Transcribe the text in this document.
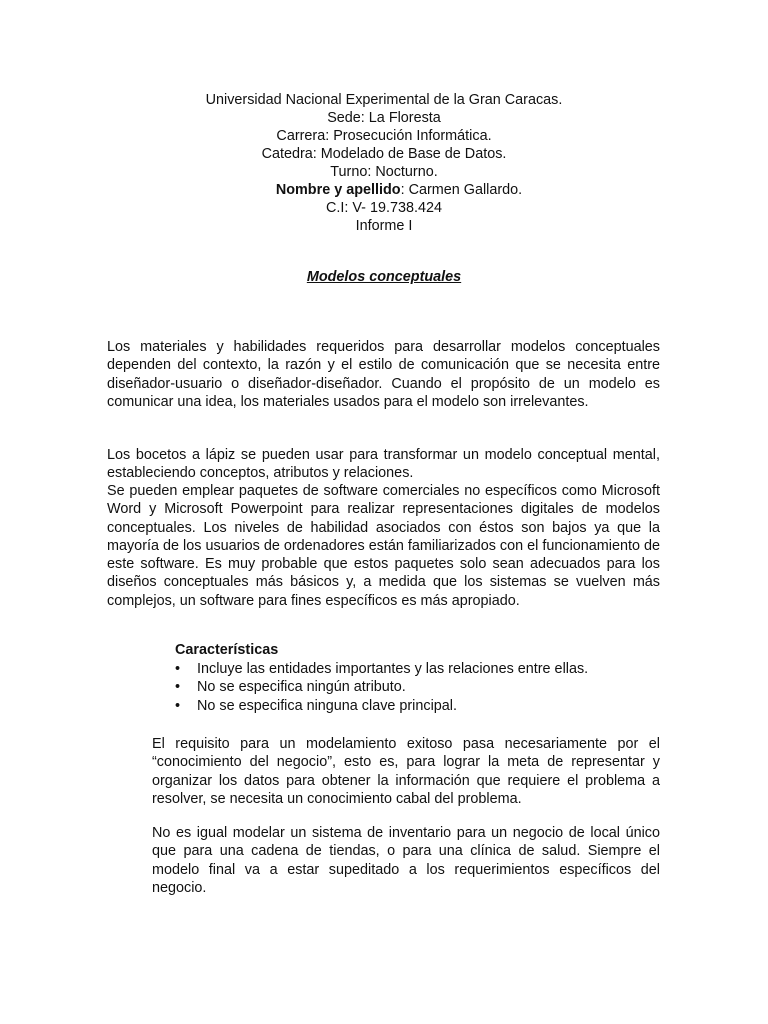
Universidad Nacional Experimental de la Gran Caracas.
Sede: La Floresta
Carrera: Prosecución Informática.
Catedra: Modelado de Base de Datos.
Turno: Nocturno.
Nombre y apellido: Carmen Gallardo.
C.I: V- 19.738.424
Informe I
Modelos conceptuales

Los materiales y habilidades requeridos para desarrollar modelos conceptuales dependen del contexto, la razón y el estilo de comunicación que se necesita entre diseñador-usuario o diseñador-diseñador. Cuando el propósito de un modelo es comunicar una idea, los materiales usados para el modelo son irrelevantes.

Los bocetos a lápiz se pueden usar para transformar un modelo conceptual mental, estableciendo conceptos, atributos y relaciones.

Se pueden emplear paquetes de software comerciales no específicos como Microsoft Word y Microsoft Powerpoint para realizar representaciones digitales de modelos conceptuales. Los niveles de habilidad asociados con éstos son bajos ya que la mayoría de los usuarios de ordenadores están familiarizados con el funcionamiento de este software. Es muy probable que estos paquetes solo sean adecuados para los diseños conceptuales más básicos y, a medida que los sistemas se vuelven más complejos, un software para fines específicos es más apropiado.

Características
• Incluye las entidades importantes y las relaciones entre ellas.
• No se especifica ningún atributo.
• No se especifica ninguna clave principal.

El requisito para un modelamiento exitoso pasa necesariamente por el “conocimiento del negocio”, esto es, para lograr la meta de representar y organizar los datos para obtener la información que requiere el problema a resolver, se necesita un conocimiento cabal del problema.

No es igual modelar un sistema de inventario para un negocio de local único que para una cadena de tiendas, o para una clínica de salud. Siempre el modelo final va a estar supeditado a los requerimientos específicos del negocio.
